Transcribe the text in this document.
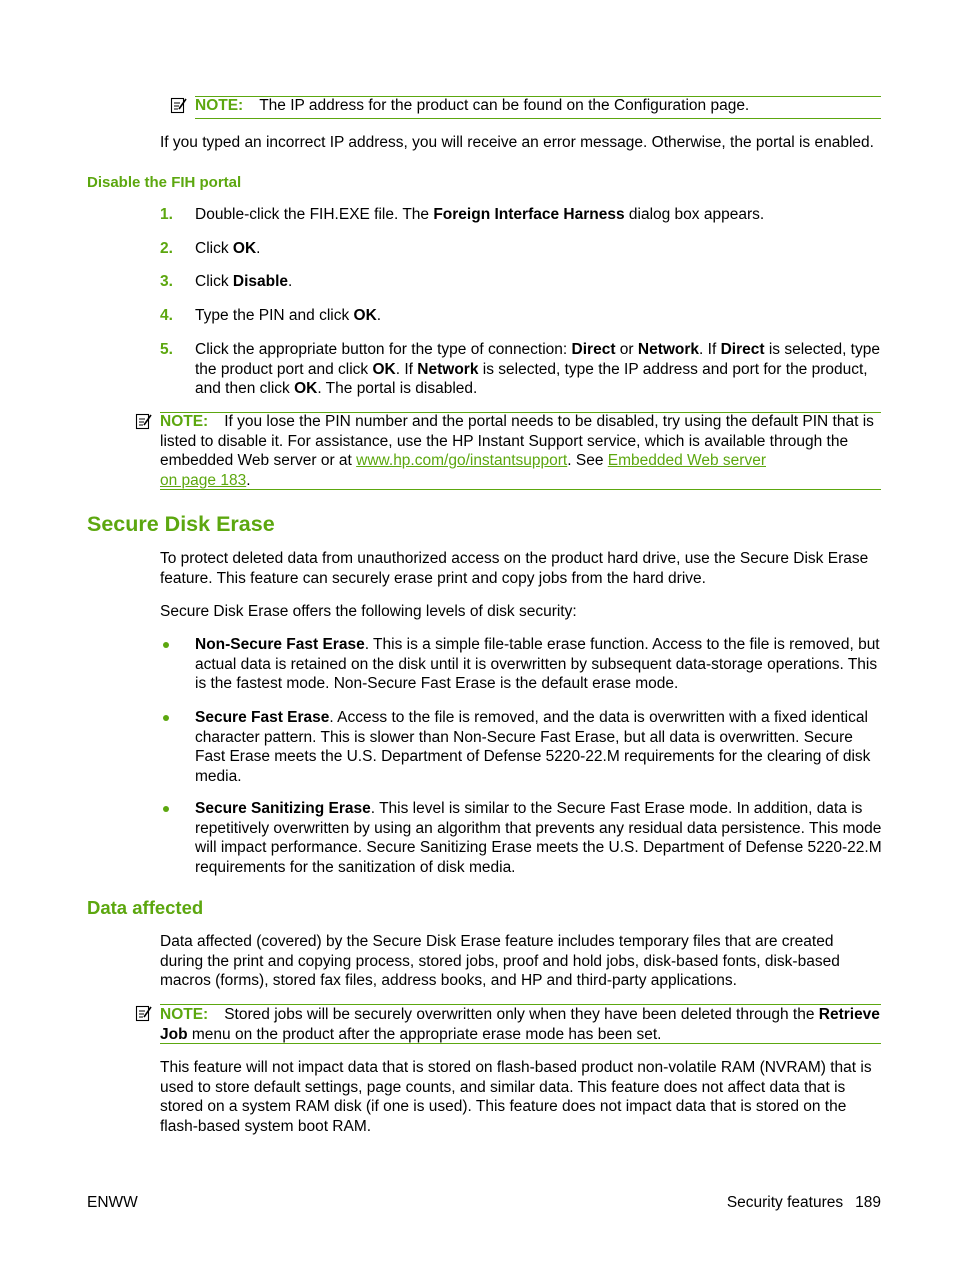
NOTE: The IP address for the product can be found on the Configuration page.

If you typed an incorrect IP address, you will receive an error message. Otherwise, the portal is enabled.

Disable the FIH portal
1. Double-click the FIH.EXE file. The Foreign Interface Harness dialog box appears.
2. Click OK.
3. Click Disable.
4. Type the PIN and click OK.
5. Click the appropriate button for the type of connection: Direct or Network. If Direct is selected, type the product port and click OK. If Network is selected, type the IP address and port for the product, and then click OK. The portal is disabled.
NOTE: If you lose the PIN number and the portal needs to be disabled, try using the default PIN that is listed to disable it. For assistance, use the HP Instant Support service, which is available through the embedded Web server or at www.hp.com/go/instantsupport. See Embedded Web server
on page 183.
Secure Disk Erase

To protect deleted data from unauthorized access on the product hard drive, use the Secure Disk Erase feature. This feature can securely erase print and copy jobs from the hard drive.

Secure Disk Erase offers the following levels of disk security:

Non-Secure Fast Erase. This is a simple file-table erase function. Access to the file is removed, but actual data is retained on the disk until it is overwritten by subsequent data-storage operations. This is the fastest mode. Non-Secure Fast Erase is the default erase mode.
Secure Fast Erase. Access to the file is removed, and the data is overwritten with a fixed identical character pattern. This is slower than Non-Secure Fast Erase, but all data is overwritten. Secure Fast Erase meets the U.S. Department of Defense 5220-22.M requirements for the clearing of disk media.
Secure Sanitizing Erase. This level is similar to the Secure Fast Erase mode. In addition, data is repetitively overwritten by using an algorithm that prevents any residual data persistence. This mode will impact performance. Secure Sanitizing Erase meets the U.S. Department of Defense 5220-22.M requirements for the sanitization of disk media.
Data affected

Data affected (covered) by the Secure Disk Erase feature includes temporary files that are created during the print and copying process, stored jobs, proof and hold jobs, disk-based fonts, disk-based macros (forms), stored fax files, address books, and HP and third-party applications.

NOTE: Stored jobs will be securely overwritten only when they have been deleted through the Retrieve Job menu on the product after the appropriate erase mode has been set.

This feature will not impact data that is stored on flash-based product non-volatile RAM (NVRAM) that is used to store default settings, page counts, and similar data. This feature does not affect data that is stored on a system RAM disk (if one is used). This feature does not impact data that is stored on the flash-based system boot RAM.

ENWW	Security features 189
